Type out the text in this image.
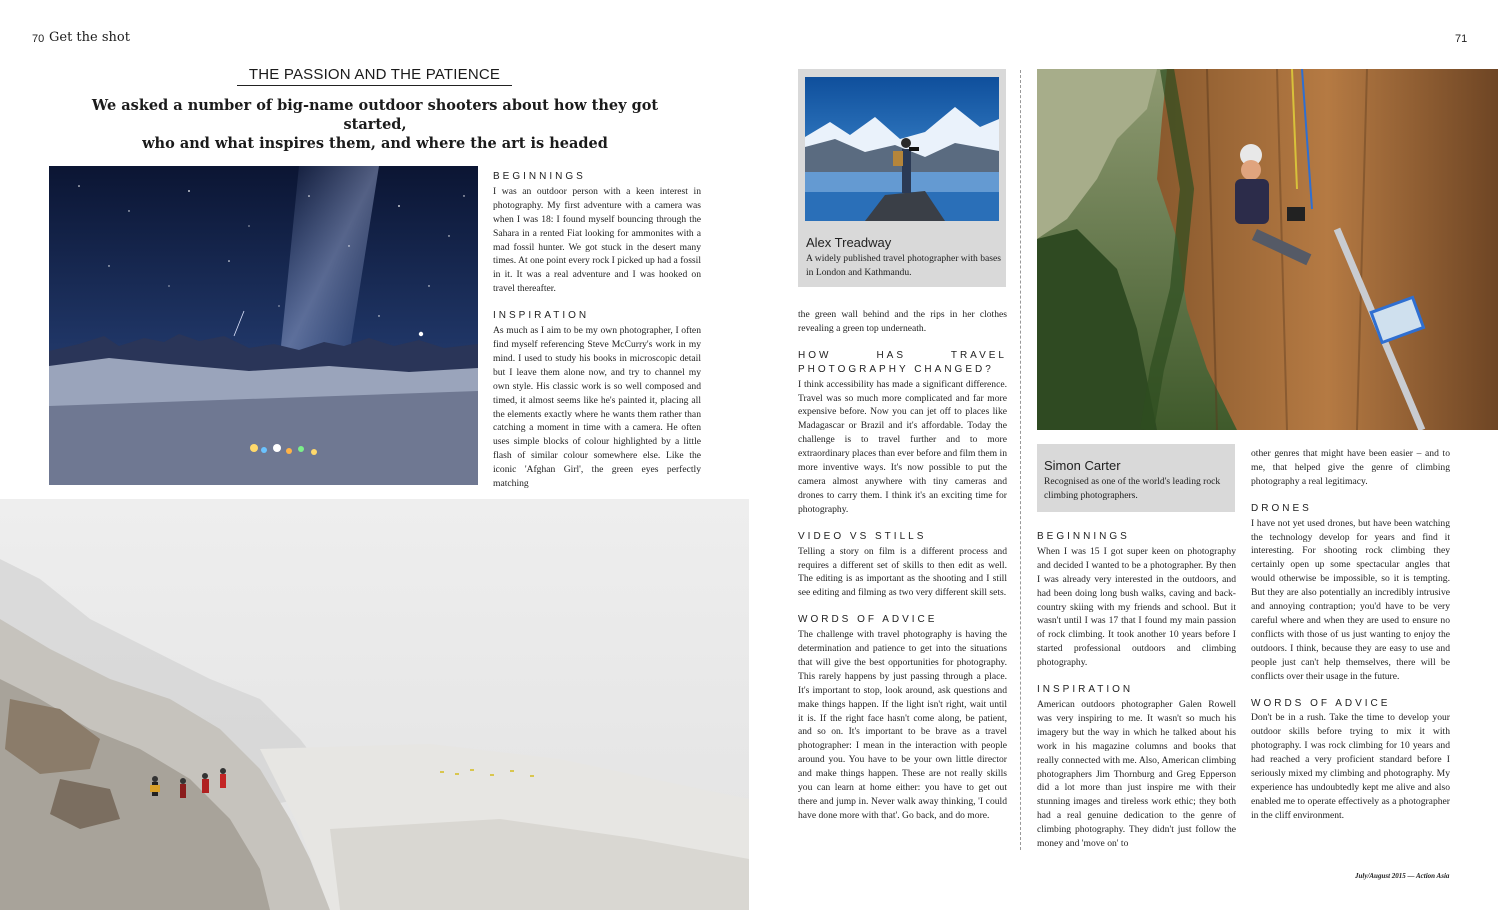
70 Get the shot	71
THE PASSION AND THE PATIENCE
We asked a number of big-name outdoor shooters about how they got started,
who and what inspires them, and where the art is headed
BEGINNINGS

I was an outdoor person with a keen interest in photography. My first adventure with a camera was when I was 18: I found myself bouncing through the Sahara in a rented Fiat looking for ammonites with a mad fossil hunter. We got stuck in the desert many times. At one point every rock I picked up had a fossil in it. It was a real adventure and I was hooked on travel thereafter.

INSPIRATION

As much as I aim to be my own photographer, I often find myself referencing Steve McCurry's work in my mind. I used to study his books in microscopic detail but I leave them alone now, and try to channel my own style. His classic work is so well composed and timed, it almost seems like he's painted it, placing all the elements exactly where he wants them rather than catching a moment in time with a camera. He often uses simple blocks of colour highlighted by a little flash of similar colour somewhere else. Like the iconic 'Afghan Girl', the green eyes perfectly matching

Alex Treadway
A widely published travel photographer with bases in London and Kathmandu.

the green wall behind and the rips in her clothes revealing a green top underneath.

HOW HAS TRAVEL PHOTOGRAPHY CHANGED?

I think accessibility has made a significant difference. Travel was so much more complicated and far more expensive before. Now you can jet off to places like Madagascar or Brazil and it's affordable. Today the challenge is to travel further and to more extraordinary places than ever before and film them in more inventive ways. It's now possible to put the camera almost anywhere with tiny cameras and drones to carry them. I think it's an exciting time for photography.

VIDEO VS STILLS

Telling a story on film is a different process and requires a different set of skills to then edit as well. The editing is as important as the shooting and I still see editing and filming as two very different skill sets.

WORDS OF ADVICE

The challenge with travel photography is having the determination and patience to get into the situations that will give the best opportunities for photography. This rarely happens by just passing through a place. It's important to stop, look around, ask questions and make things happen. If the light isn't right, wait until it is. If the right face hasn't come along, be patient, and so on. It's important to be brave as a travel photographer: I mean in the interaction with people around you. You have to be your own little director and make things happen. These are not really skills you can learn at home either: you have to get out there and jump in. Never walk away thinking, 'I could have done more with that'. Go back, and do more.

Simon Carter
Recognised as one of the world's leading rock climbing photographers.
BEGINNINGS

When I was 15 I got super keen on photography and decided I wanted to be a photographer. By then I was already very interested in the outdoors, and had been doing long bush walks, caving and back-country skiing with my friends and school. But it wasn't until I was 17 that I found my main passion of rock climbing. It took another 10 years before I started professional outdoors and climbing photography.

INSPIRATION

American outdoors photographer Galen Rowell was very inspiring to me. It wasn't so much his imagery but the way in which he talked about his work in his magazine columns and books that really connected with me. Also, American climbing photographers Jim Thornburg and Greg Epperson did a lot more than just inspire me with their stunning images and tireless work ethic; they both had a real genuine dedication to the genre of climbing photography. They didn't just follow the money and 'move on' to

other genres that might have been easier – and to me, that helped give the genre of climbing photography a real legitimacy.

DRONES

I have not yet used drones, but have been watching the technology develop for years and find it interesting. For shooting rock climbing they certainly open up some spectacular angles that would otherwise be impossible, so it is tempting. But they are also potentially an incredibly intrusive and annoying contraption; you'd have to be very careful where and when they are used to ensure no conflicts with those of us just wanting to enjoy the outdoors. I think, because they are easy to use and people just can't help themselves, there will be conflicts over their usage in the future.

WORDS OF ADVICE

Don't be in a rush. Take the time to develop your outdoor skills before trying to mix it with photography. I was rock climbing for 10 years and had reached a very proficient standard before I seriously mixed my climbing and photography. My experience has undoubtedly kept me alive and also enabled me to operate effectively as a photographer in the cliff environment.

July/August 2015 — Action Asia
